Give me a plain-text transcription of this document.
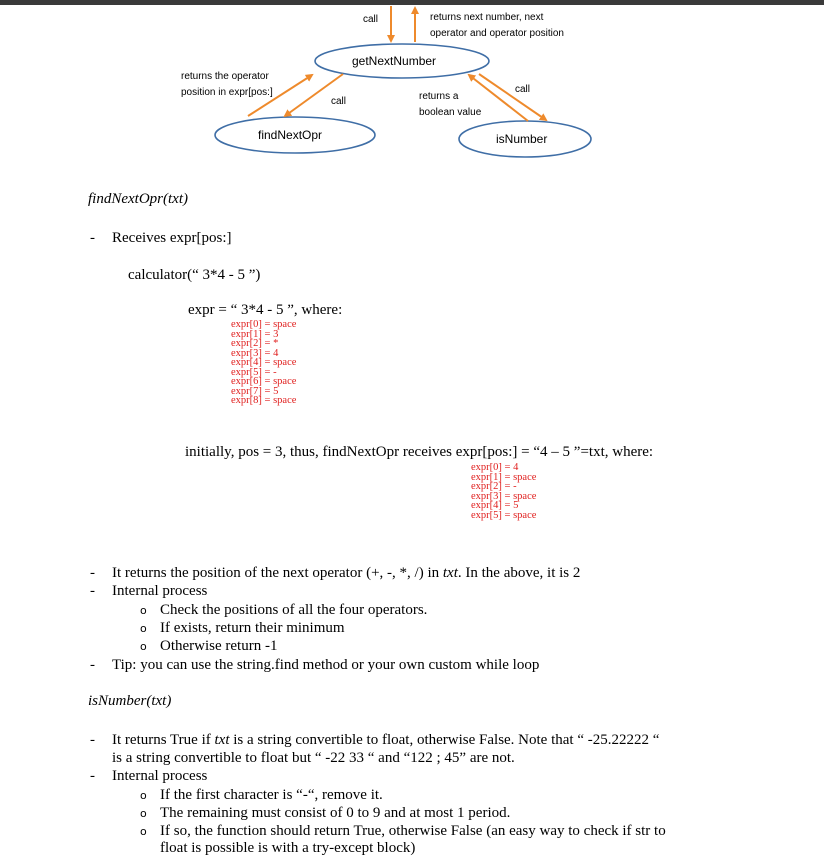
getNextNumber
findNextOpr	isNumber
call	returns next number, next
operator and operator position
returns the operator
position in expr[pos:]
call	returns a
boolean value
call
findNextOpr(txt)
- Receives expr[pos:]
calculator(“ 3*4 - 5 ”)
expr = “ 3*4 - 5 ”, where:
expr[0] = space
expr[1] = 3
expr[2] = *
expr[3] = 4
expr[4] = space
expr[5] = -
expr[6] = space
expr[7] = 5
expr[8] = space
initially, pos = 3, thus, findNextOpr receives expr[pos:] = “4 – 5 ”=txt, where:
expr[0] = 4
expr[1] = space
expr[2] = -
expr[3] = space
expr[4] = 5
expr[5] = space
- It returns the position of the next operator (+, -, *, /) in txt. In the above, it is 2
- Internal process
o Check the positions of all the four operators.
o If exists, return their minimum
o Otherwise return -1
- Tip: you can use the string.find method or your own custom while loop
isNumber(txt)
- It returns True if txt is a string convertible to float, otherwise False. Note that “ -25.22222 “
is a string convertible to float but “ -22 33 “ and “122 ; 45” are not.
- Internal process
o If the first character is “-“, remove it.
o The remaining must consist of 0 to 9 and at most 1 period.
o If so, the function should return True, otherwise False (an easy way to check if str to
float is possible is with a try-except block)
